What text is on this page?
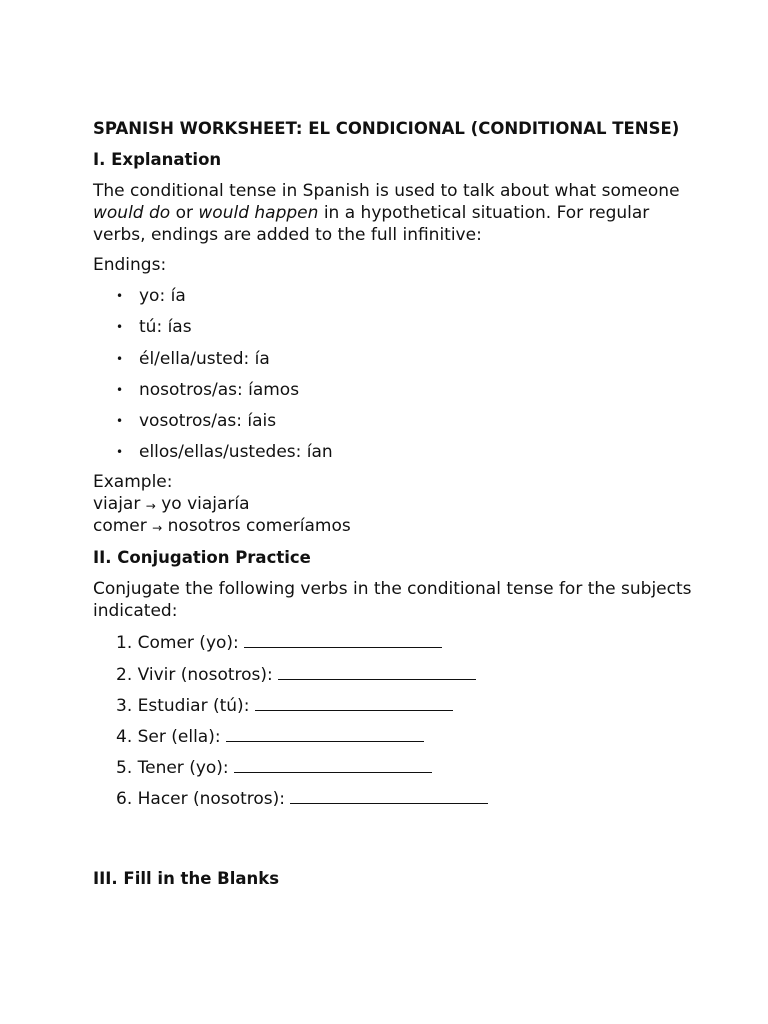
SPANISH WORKSHEET: EL CONDICIONAL (CONDITIONAL TENSE)
I. Explanation

The conditional tense in Spanish is used to talk about what someone would do or would happen in a hypothetical situation. For regular verbs, endings are added to the full infinitive:

Endings:

• yo: ía
• tú: ías
• él/ella/usted: ía
• nosotros/as: íamos
• vosotros/as: íais
• ellos/ellas/ustedes: ían
Example:
viajar → yo viajaría
comer → nosotros comeríamos
II. Conjugation Practice

Conjugate the following verbs in the conditional tense for the subjects indicated:

1. Comer (yo):
2. Vivir (nosotros):
3. Estudiar (tú):
4. Ser (ella):
5. Tener (yo):
6. Hacer (nosotros):
III. Fill in the Blanks
